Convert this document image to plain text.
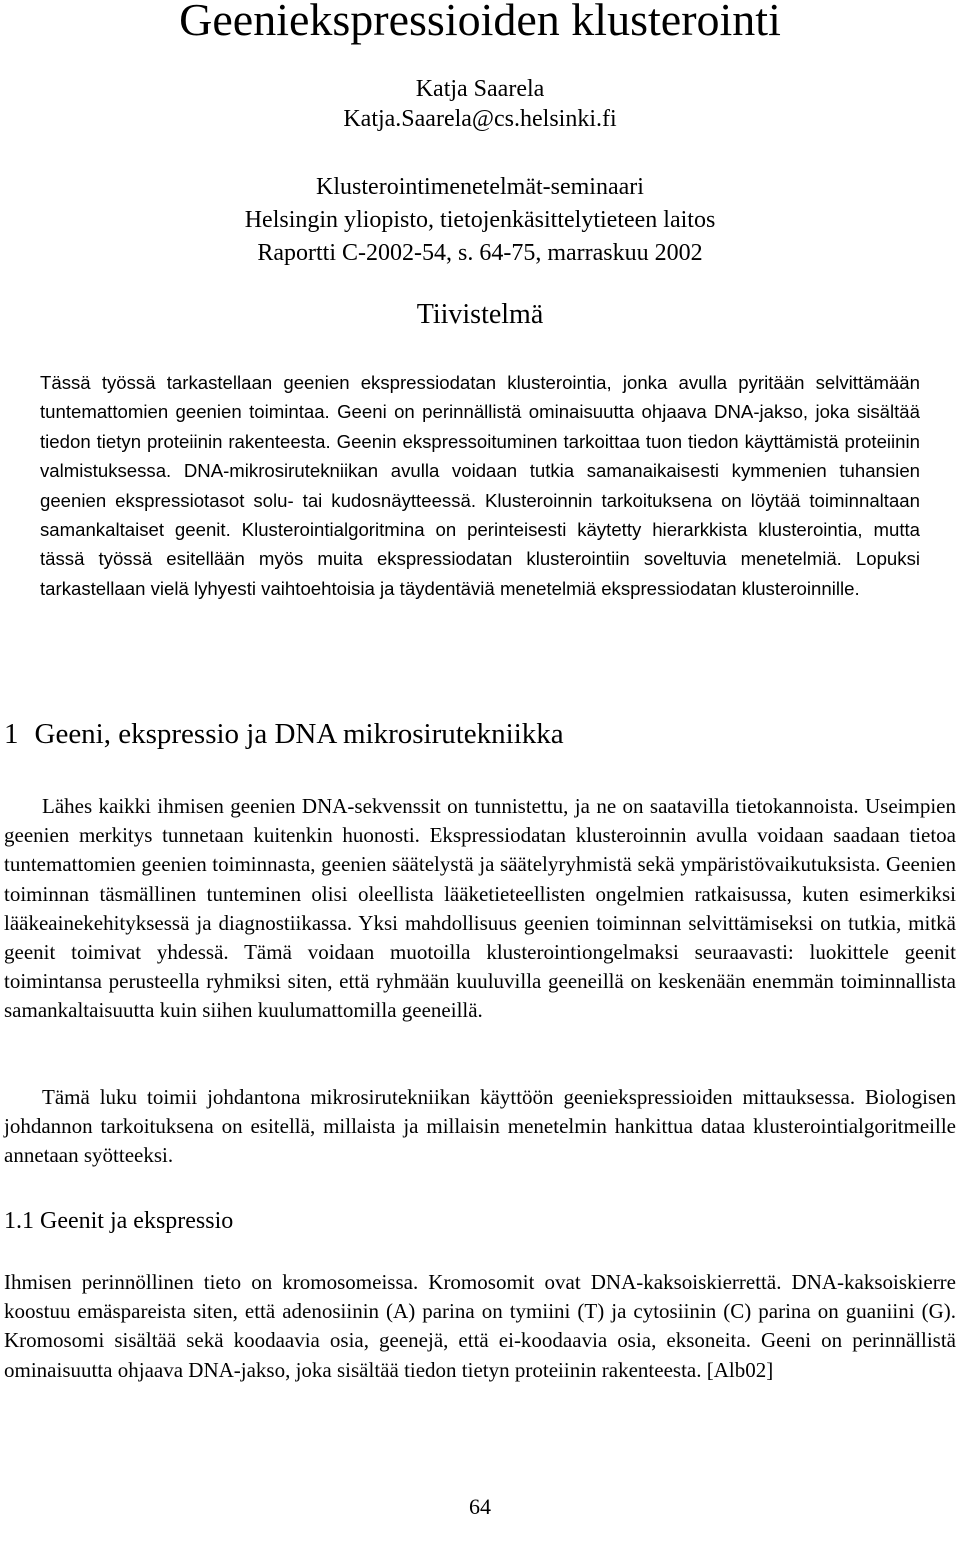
Geeniekspressioiden klusterointi
Katja Saarela
Katja.Saarela@cs.helsinki.fi
Klusterointimenetelmät-seminaari
Helsingin yliopisto, tietojenkäsittelytieteen laitos
Raportti C-2002-54, s. 64-75, marraskuu 2002
Tiivistelmä

Tässä työssä tarkastellaan geenien ekspressiodatan klusterointia, jonka avulla pyritään selvittämään tuntemattomien geenien toimintaa. Geeni on perinnällistä ominaisuutta ohjaava DNA-jakso, joka sisältää tiedon tietyn proteiinin rakenteesta. Geenin ekspressoituminen tarkoittaa tuon tiedon käyttämistä proteiinin valmistuksessa. DNA-mikrosirutekniikan avulla voidaan tutkia samanaikaisesti kymmenien tuhansien geenien ekspressiotasot solu- tai kudosnäytteessä. Klusteroinnin tarkoituksena on löytää toiminnaltaan samankaltaiset geenit. Klusterointialgoritmina on perinteisesti käytetty hierarkkista klusterointia, mutta tässä työssä esitellään myös muita ekspressiodatan klusterointiin soveltuvia menetelmiä. Lopuksi tarkastellaan vielä lyhyesti vaihtoehtoisia ja täydentäviä menetelmiä ekspressiodatan klusteroinnille.

1 Geeni, ekspressio ja DNA mikrosirutekniikka

Lähes kaikki ihmisen geenien DNA-sekvenssit on tunnistettu, ja ne on saatavilla tietokannoista. Useimpien geenien merkitys tunnetaan kuitenkin huonosti. Ekspressiodatan klusteroinnin avulla voidaan saadaan tietoa tuntemattomien geenien toiminnasta, geenien säätelystä ja säätelyryhmistä sekä ympäristövaikutuksista. Geenien toiminnan täsmällinen tunteminen olisi oleellista lääketieteellisten ongelmien ratkaisussa, kuten esimerkiksi lääkeainekehityksessä ja diagnostiikassa. Yksi mahdollisuus geenien toiminnan selvittämiseksi on tutkia, mitkä geenit toimivat yhdessä. Tämä voidaan muotoilla klusterointiongelmaksi seuraavasti: luokittele geenit toimintansa perusteella ryhmiksi siten, että ryhmään kuuluvilla geeneillä on keskenään enemmän toiminnallista samankaltaisuutta kuin siihen kuulumattomilla geeneillä.

Tämä luku toimii johdantona mikrosirutekniikan käyttöön geeniekspressioiden mittauksessa. Biologisen johdannon tarkoituksena on esitellä, millaista ja millaisin menetelmin hankittua dataa klusterointialgoritmeille annetaan syötteeksi.

1.1 Geenit ja ekspressio

Ihmisen perinnöllinen tieto on kromosomeissa. Kromosomit ovat DNA-kaksoiskierrettä. DNA-kaksoiskierre koostuu emäspareista siten, että adenosiinin (A) parina on tymiini (T) ja cytosiinin (C) parina on guaniini (G). Kromosomi sisältää sekä koodaavia osia, geenejä, että ei-koodaavia osia, eksoneita. Geeni on perinnällistä ominaisuutta ohjaava DNA-jakso, joka sisältää tiedon tietyn proteiinin rakenteesta. [Alb02]

64
